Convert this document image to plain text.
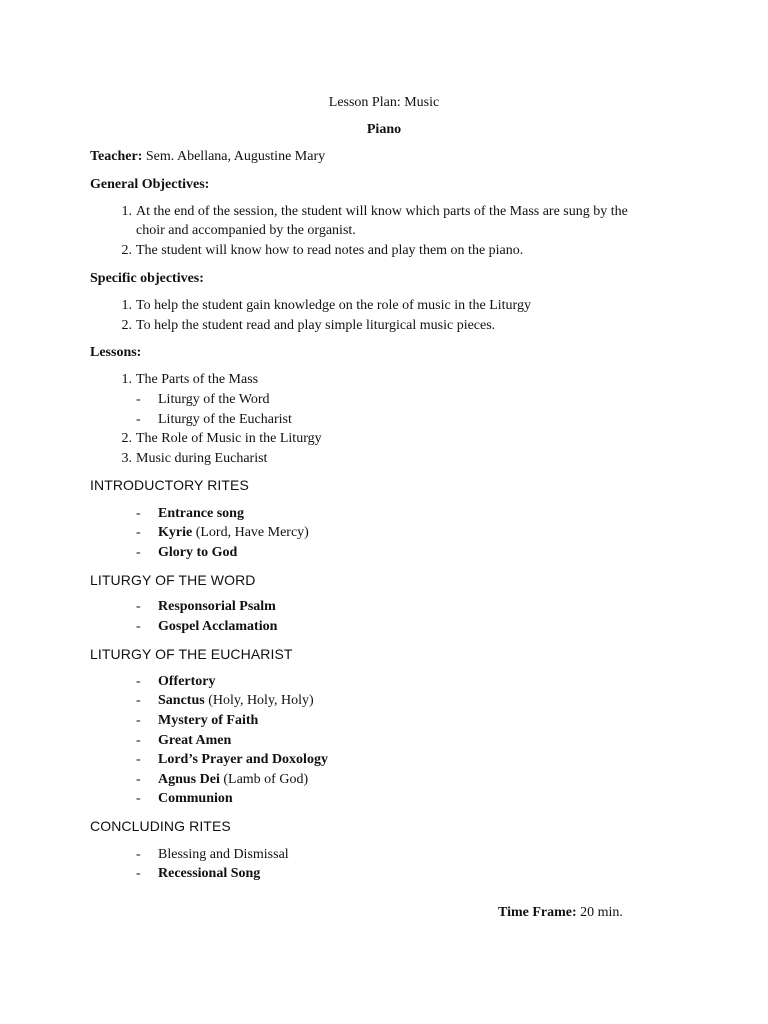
Lesson Plan: Music
Piano
Teacher: Sem. Abellana, Augustine Mary
General Objectives:
1. At the end of the session, the student will know which parts of the Mass are sung by the
choir and accompanied by the organist.
2. The student will know how to read notes and play them on the piano.
Specific objectives:
1. To help the student gain knowledge on the role of music in the Liturgy
2. To help the student read and play simple liturgical music pieces.
Lessons:
1. The Parts of the Mass
- Liturgy of the Word
- Liturgy of the Eucharist
2. The Role of Music in the Liturgy
3. Music during Eucharist
INTRODUCTORY RITES
- Entrance song
- Kyrie (Lord, Have Mercy)
- Glory to God
LITURGY OF THE WORD
- Responsorial Psalm
- Gospel Acclamation
LITURGY OF THE EUCHARIST
- Offertory
- Sanctus (Holy, Holy, Holy)
- Mystery of Faith
- Great Amen
- Lord’s Prayer and Doxology
- Agnus Dei (Lamb of God)
- Communion
CONCLUDING RITES
- Blessing and Dismissal
- Recessional Song
Time Frame: 20 min.
